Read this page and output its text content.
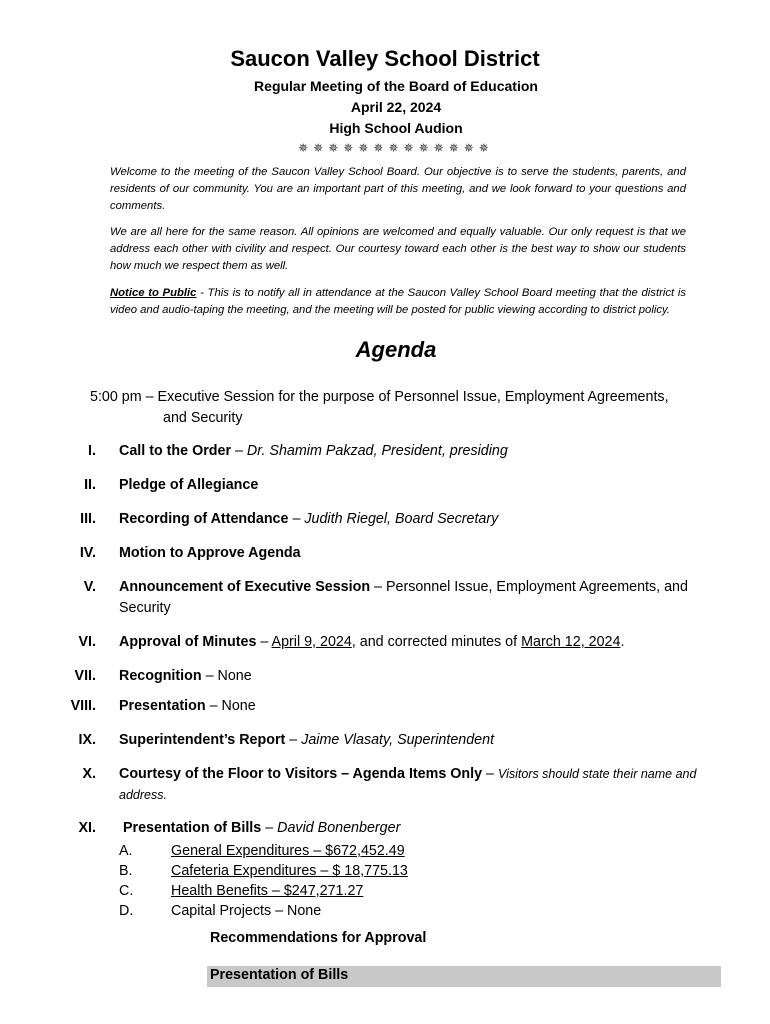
Saucon Valley School District
Regular Meeting of the Board of Education
April 22, 2024
High School Audion
✵✵✵✵✵✵✵✵✵✵✵✵✵

Welcome to the meeting of the Saucon Valley School Board. Our objective is to serve the students, parents, and residents of our community. You are an important part of this meeting, and we look forward to your questions and comments.

We are all here for the same reason. All opinions are welcomed and equally valuable. Our only request is that we address each other with civility and respect. Our courtesy toward each other is the best way to show our students how much we respect them as well.

Notice to Public - This is to notify all in attendance at the Saucon Valley School Board meeting that the district is video and audio-taping the meeting, and the meeting will be posted for public viewing according to district policy.

Agenda

5:00 pm – Executive Session for the purpose of Personnel Issue, Employment Agreements,
and Security

I. Call to the Order – Dr. Shamim Pakzad, President, presiding
II. Pledge of Allegiance
III. Recording of Attendance – Judith Riegel, Board Secretary
IV. Motion to Approve Agenda
V. Announcement of Executive Session – Personnel Issue, Employment Agreements, and Security
VI. Approval of Minutes – April 9, 2024, and corrected minutes of March 12, 2024.
VII. Recognition – None
VIII. Presentation – None
IX. Superintendent’s Report – Jaime Vlasaty, Superintendent
X. Courtesy of the Floor to Visitors – Agenda Items Only – Visitors should state their name and address.
XI. Presentation of Bills – David Bonenberger
A.	General Expenditures – $672,452.49
B.	Cafeteria Expenditures – $ 18,775.13
C.	Health Benefits – $247,271.27
D.	Capital Projects – None
Recommendations for Approval
Presentation of Bills
